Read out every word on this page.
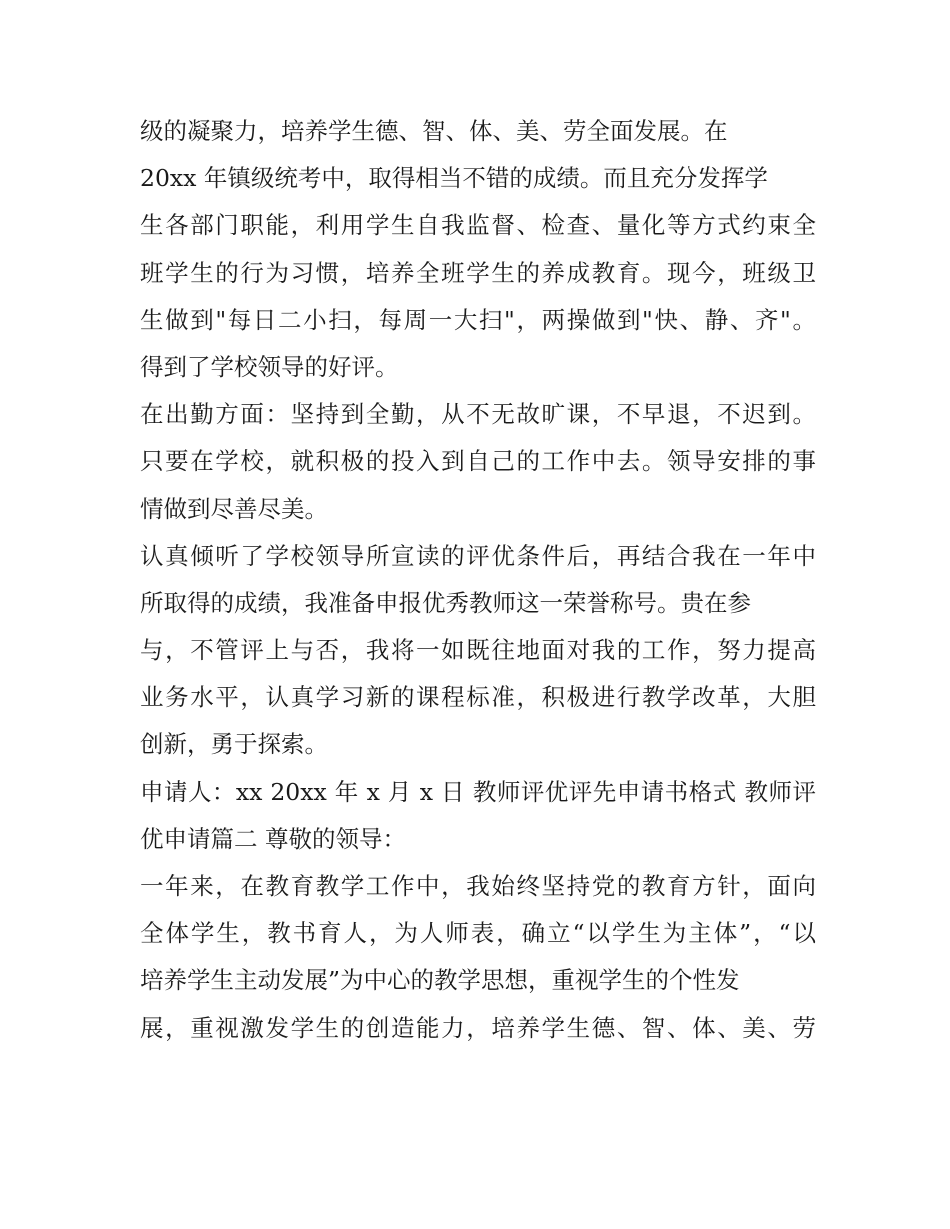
级的凝聚力，培养学生德、智、体、美、劳全面发展。在
20xx 年镇级统考中，取得相当不错的成绩。而且充分发挥学
生各部门职能，利用学生自我监督、检查、量化等方式约束全
班学生的行为习惯，培养全班学生的养成教育。现今，班级卫
生做到"每日二小扫，每周一大扫"，两操做到"快、静、齐"。
得到了学校领导的好评。
在出勤方面：坚持到全勤，从不无故旷课，不早退，不迟到。
只要在学校，就积极的投入到自己的工作中去。领导安排的事
情做到尽善尽美。
认真倾听了学校领导所宣读的评优条件后，再结合我在一年中
所取得的成绩，我准备申报优秀教师这一荣誉称号。贵在参
与，不管评上与否，我将一如既往地面对我的工作，努力提高
业务水平，认真学习新的课程标准，积极进行教学改革，大胆
创新，勇于探索。
申请人：xx 20xx 年 x 月 x 日 教师评优评先申请书格式 教师评
优申请篇二 尊敬的领导：
一年来，在教育教学工作中，我始终坚持党的教育方针，面向
全体学生，教书育人，为人师表，确立“以学生为主体”，“以
培养学生主动发展”为中心的教学思想，重视学生的个性发
展，重视激发学生的创造能力，培养学生德、智、体、美、劳
